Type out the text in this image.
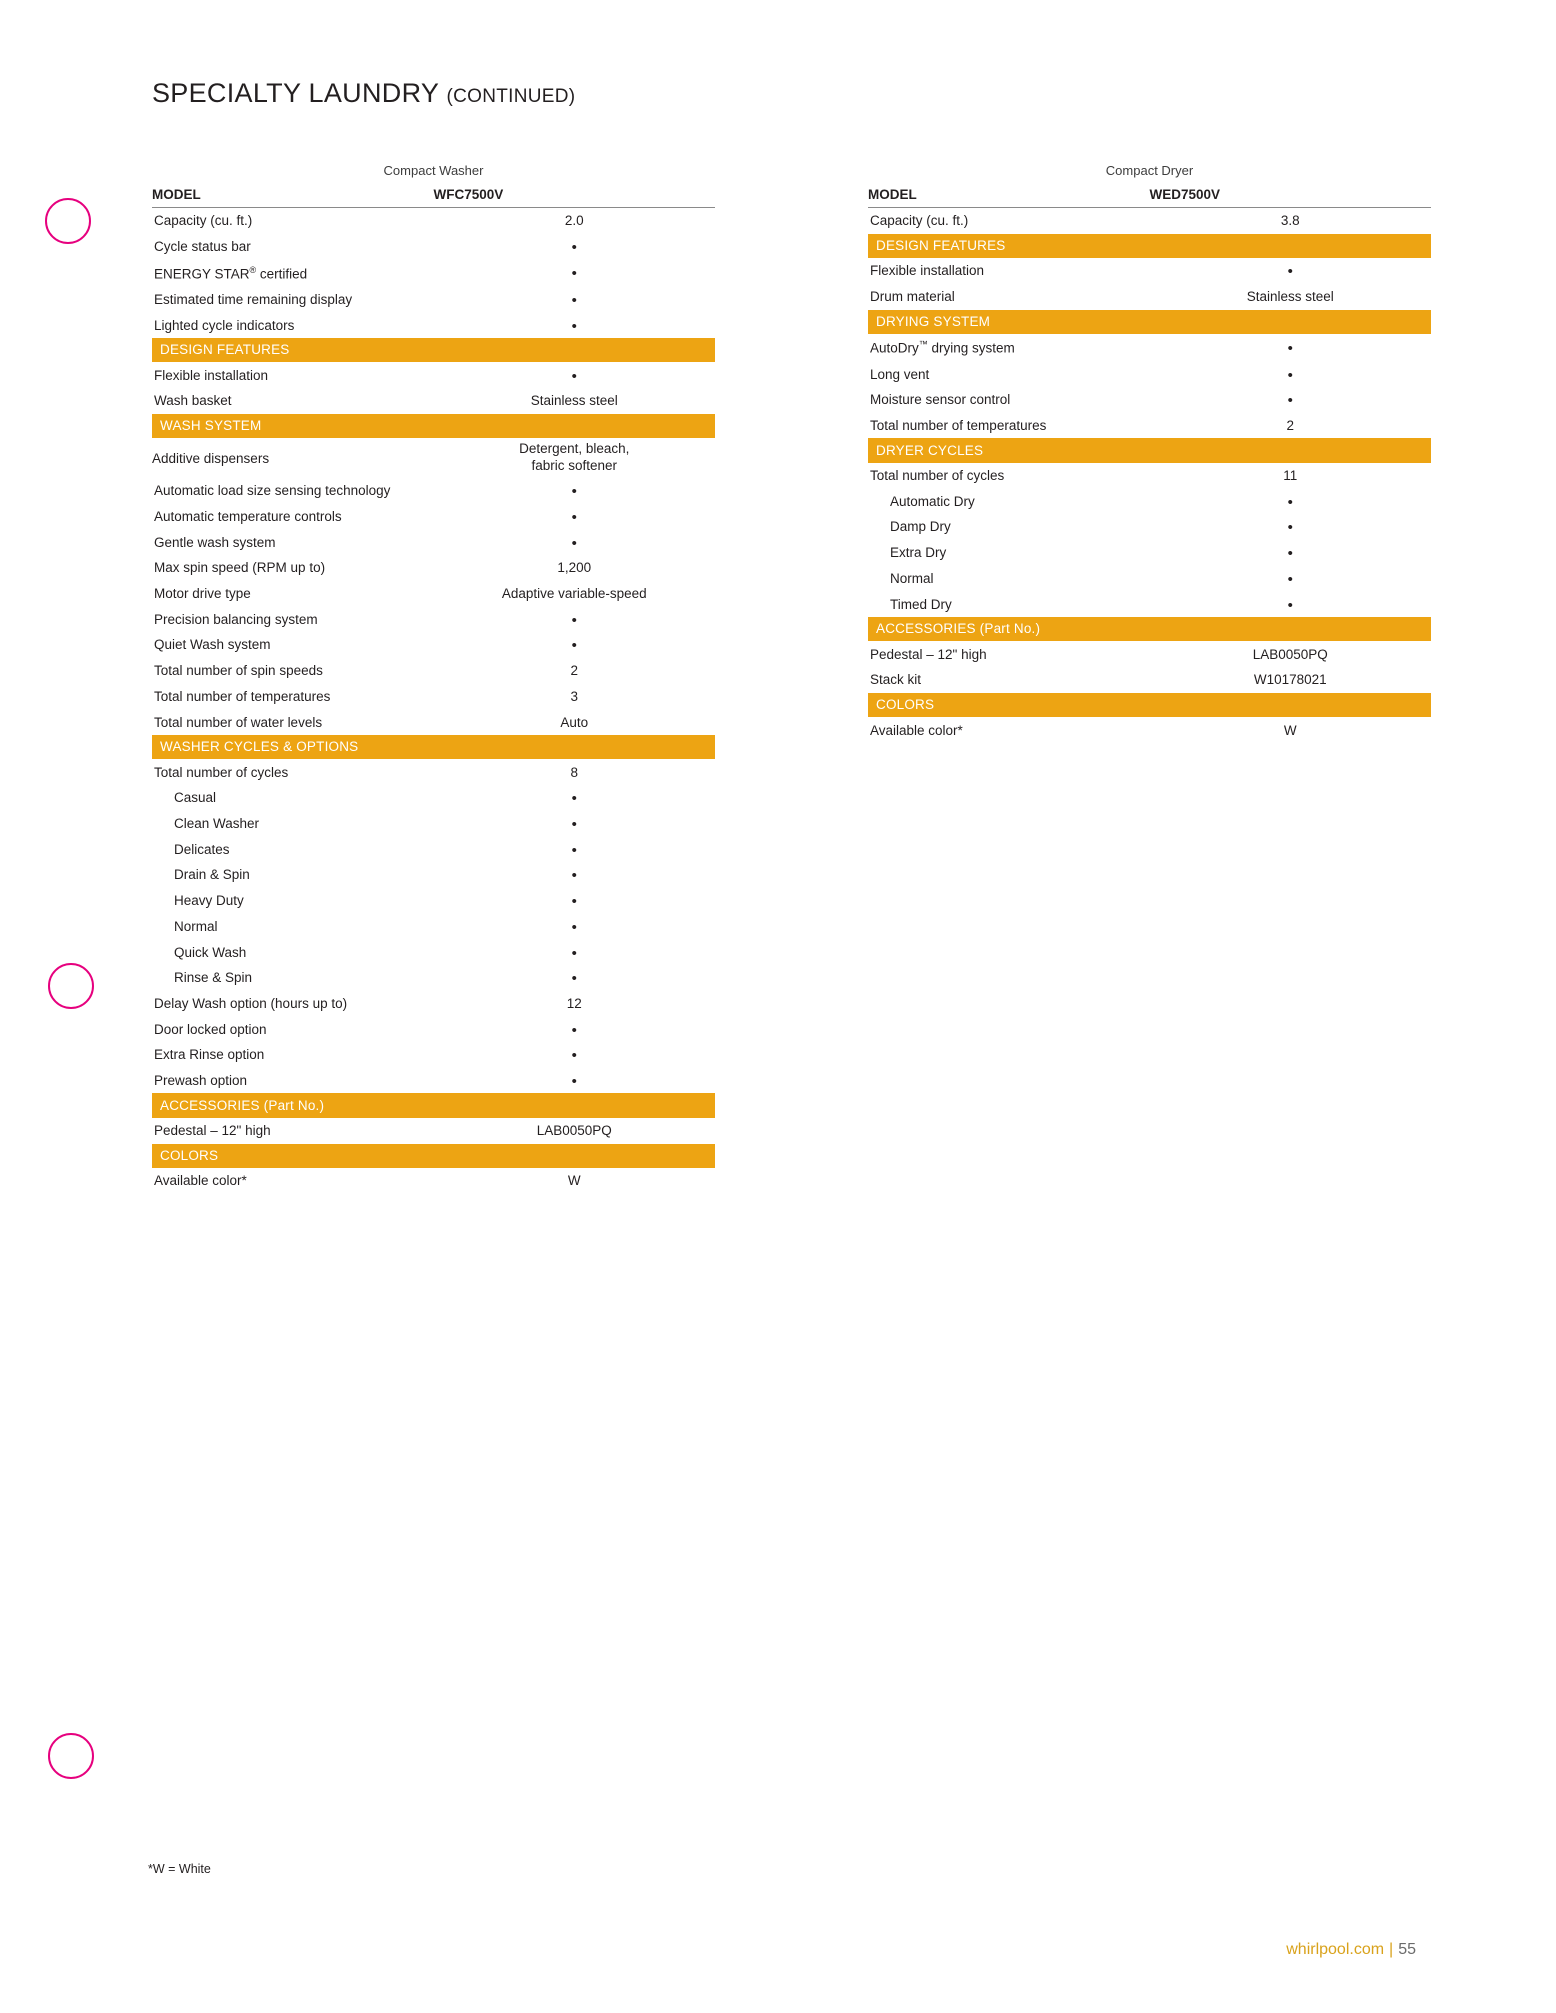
SPECIALTY LAUNDRY (CONTINUED)
Compact Washer
MODEL	WFC7500V
Capacity (cu. ft.)	2.0
Cycle status bar	•
ENERGY STAR® certified	•
Estimated time remaining display	•
Lighted cycle indicators	•
DESIGN FEATURES	
Flexible installation	•
Wash basket	Stainless steel
WASH SYSTEM	
Additive dispensers	Detergent, bleach,
fabric softener

Automatic load size sensing technology	•
Automatic temperature controls	•
Gentle wash system	•
Max spin speed (RPM up to)	1,200
Motor drive type	Adaptive variable-speed
Precision balancing system	•
Quiet Wash system	•
Total number of spin speeds	2
Total number of temperatures	3
Total number of water levels	Auto
WASHER CYCLES & OPTIONS	
Total number of cycles	8
Casual	•
Clean Washer	•
Delicates	•
Drain & Spin	•
Heavy Duty	•
Normal	•
Quick Wash	•
Rinse & Spin	•
Delay Wash option (hours up to)	12
Door locked option	•
Extra Rinse option	•
Prewash option	•
ACCESSORIES (Part No.)	
Pedestal – 12" high	LAB0050PQ
COLORS	
Available color*	W
Compact Dryer
MODEL	WED7500V
Capacity (cu. ft.)	3.8
DESIGN FEATURES	
Flexible installation	•
Drum material	Stainless steel
DRYING SYSTEM	
AutoDry™ drying system	•
Long vent	•
Moisture sensor control	•
Total number of temperatures	2
DRYER CYCLES	
Total number of cycles	11
Automatic Dry	•
Damp Dry	•
Extra Dry	•
Normal	•
Timed Dry	•
ACCESSORIES (Part No.)	
Pedestal – 12" high	LAB0050PQ
Stack kit	W10178021
COLORS	
Available color*	W
*W = White
whirlpool.com | 55
